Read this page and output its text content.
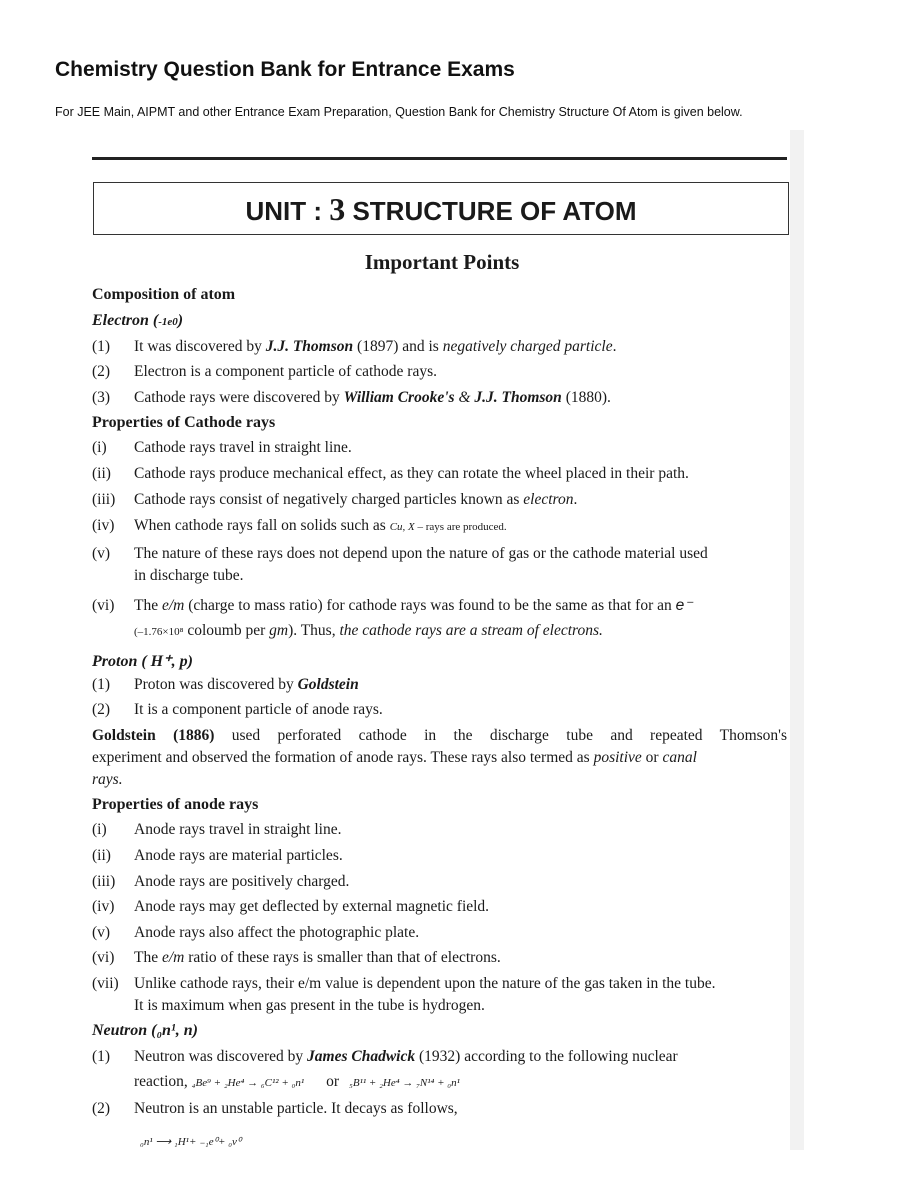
Chemistry Question Bank for Entrance Exams
For JEE Main, AIPMT and other Entrance Exam Preparation, Question Bank for Chemistry Structure Of Atom is given below.
UNIT : 3 STRUCTURE OF ATOM
Important Points
Composition of atom
Electron (-1e0)
(1) It was discovered by J.J. Thomson (1897) and is negatively charged particle.
(2) Electron is a component particle of cathode rays.
(3) Cathode rays were discovered by William Crooke's & J.J. Thomson (1880).
Properties of Cathode rays
(i) Cathode rays travel in straight line.
(ii) Cathode rays produce mechanical effect, as they can rotate the wheel placed in their path.
(iii) Cathode rays consist of negatively charged particles known as electron.
(iv) When cathode rays fall on solids such as Cu, X – rays are produced.
(v) The nature of these rays does not depend upon the nature of gas or the cathode material used
in discharge tube.
(vi) The e/m (charge to mass ratio) for cathode rays was found to be the same as that for an e⁻
(–1.76×10⁸ coloumb per gm). Thus, the cathode rays are a stream of electrons.
Proton ( H⁺, p)
(1) Proton was discovered by Goldstein
(2) It is a component particle of anode rays.
Goldstein (1886) used perforated cathode in the discharge tube and repeated Thomson's
experiment and observed the formation of anode rays. These rays also termed as positive or canal
rays.
Properties of anode rays
(i) Anode rays travel in straight line.
(ii) Anode rays are material particles.
(iii) Anode rays are positively charged.
(iv) Anode rays may get deflected by external magnetic field.
(v) Anode rays also affect the photographic plate.
(vi) The e/m ratio of these rays is smaller than that of electrons.
(vii) Unlike cathode rays, their e/m value is dependent upon the nature of the gas taken in the tube.
It is maximum when gas present in the tube is hydrogen.
Neutron (₀n¹, n)
(1) Neutron was discovered by James Chadwick (1932) according to the following nuclear
reaction, ₄Be⁹ + ₂He⁴ → ₆C¹² + ₀n¹ or ₅B¹¹ + ₂He⁴ → ₇N¹⁴ + ₀n¹
(2) Neutron is an unstable particle. It decays as follows,
₀n¹ ⟶ ₁H¹+ ₋₁e⁰+ ₀ν⁰
